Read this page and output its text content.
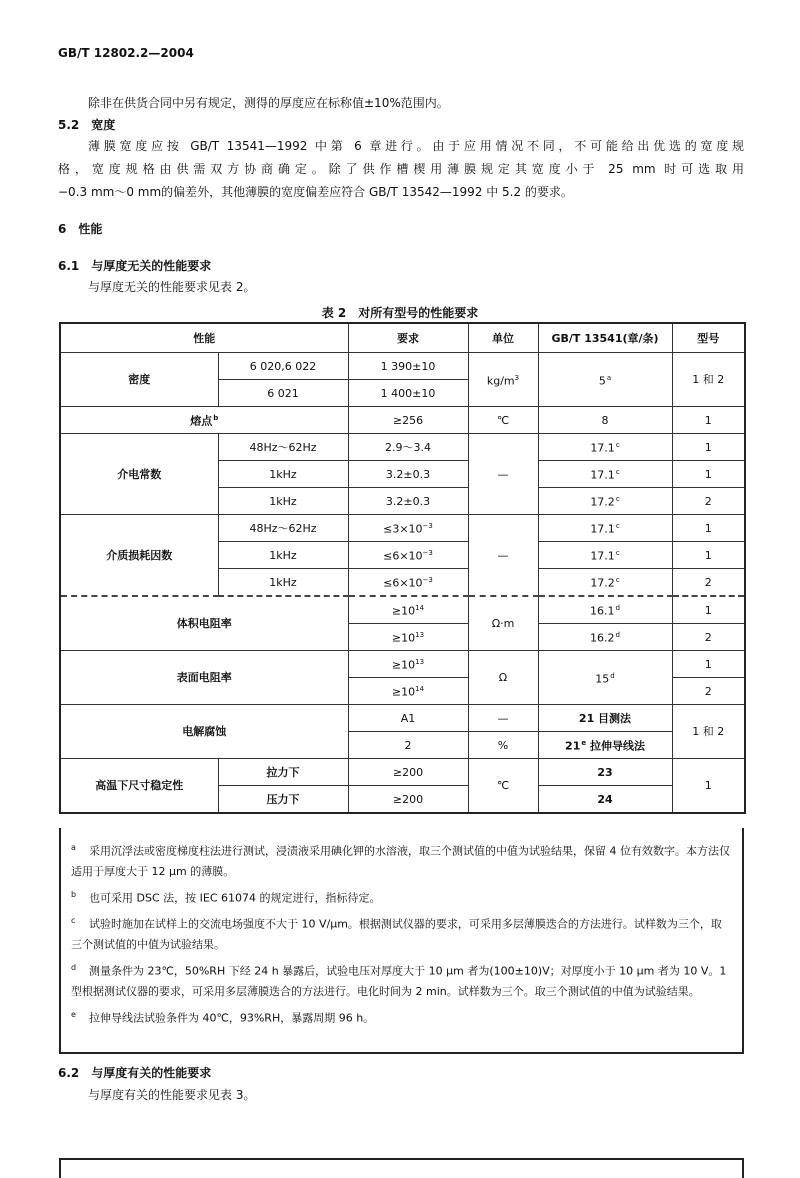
GB/T 12802.2—2004
除非在供货合同中另有规定，测得的厚度应在标称值±10%范围内。
5.2 宽度
薄膜宽度应按 GB/T 13541—1992 中第 6 章进行。由于应用情况不同，不可能给出优选的宽度规
格，宽度规格由供需双方协商确定。除了供作槽楔用薄膜规定其宽度小于 25 mm 时可选取用
−0.3 mm～0 mm的偏差外，其他薄膜的宽度偏差应符合 GB/T 13542—1992 中 5.2 的要求。
6 性能
6.1 与厚度无关的性能要求
与厚度无关的性能要求见表 2。
表 2 对所有型号的性能要求
性能		要求	单位	GB/T 13541(章/条)	型号
密度	6 020,6 022	1 390±10	$kg/m^3$	5$^a$	1 和 2
	6 021	1 400±10			
熔点$^b$		≥256	℃	8	1
介电常数	48Hz～62Hz	2.9～3.4	—	17.1$^c$	1
	1kHz	3.2±0.3		17.1$^c$	1
	1kHz	3.2±0.3		17.2$^c$	2
介质损耗因数	48Hz～62Hz	$\le 3\times 10^{-3}$	—	17.1$^c$	1
	1kHz	$\le 6\times 10^{-3}$		17.1$^c$	1
	1kHz	$\le 6\times 10^{-3}$		17.2$^c$	2
体积电阻率		$\ge 10^{14}$	Ω·m	16.1$^d$	1
		$\ge 10^{13}$		16.2$^d$	2
表面电阻率		$\ge 10^{13}$	Ω	15$^d$	1
		$\ge 10^{14}$			2
电解腐蚀		A1	—	21 目测法	1 和 2
		2	%	21e 拉伸导线法	
高温下尺寸稳定性	拉力下	≥200	℃	23	1
	压力下	≥200		24	
a 采用沉浮法或密度梯度柱法进行测试，浸渍液采用碘化钾的水溶液，取三个测试值的中值为试验结果，保留 4 位有效数字。本方法仅适用于厚度大于 12 μm 的薄膜。
b 也可采用 DSC 法，按 IEC 61074 的规定进行，指标待定。
c 试验时施加在试样上的交流电场强度不大于 10 V/μm。根据测试仪器的要求，可采用多层薄膜迭合的方法进行。试样数为三个，取三个测试值的中值为试验结果。
d 测量条件为 23℃，50%RH 下经 24 h 暴露后，试验电压对厚度大于 10 μm 者为(100±10)V；对厚度小于 10 μm 者为 10 V。1 型根据测试仪器的要求，可采用多层薄膜迭合的方法进行。电化时间为 2 min。试样数为三个。取三个测试值的中值为试验结果。
e 拉伸导线法试验条件为 40℃，93%RH，暴露周期 96 h。
6.2 与厚度有关的性能要求
与厚度有关的性能要求见表 3。
